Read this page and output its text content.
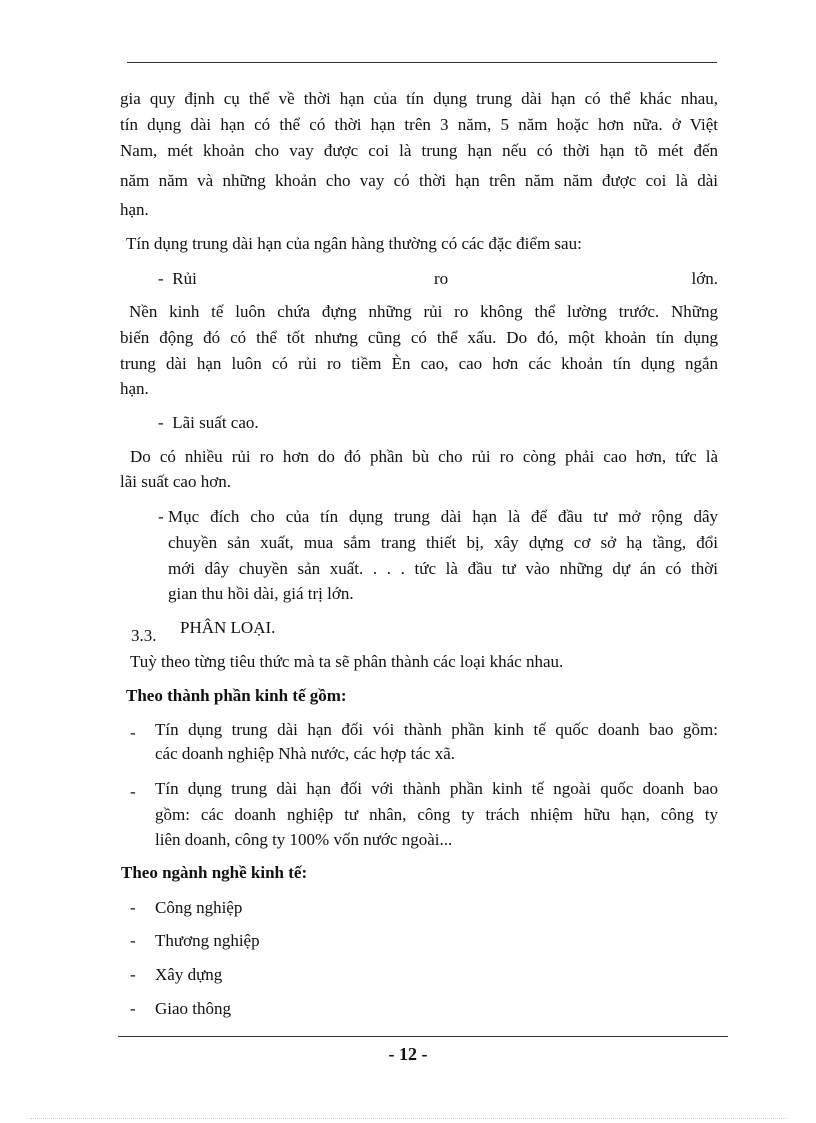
gia quy định cụ thể về thời hạn của tín dụng trung dài hạn có thể khác nhau,
tín dụng dài hạn có thể có thời hạn trên 3 năm, 5 năm hoặc hơn nữa. ở Việt
Nam, mét khoản cho vay được coi là trung hạn nếu có thời hạn tõ mét đến
năm năm và những khoản cho vay có thời hạn trên năm năm được coi là dài
hạn.
Tín dụng trung dài hạn của ngân hàng thường có các đặc điểm sau:
- Rủi	ro	lớn.
Nền kinh tế luôn chứa đựng những rủi ro không thể lường trước. Những
biến động đó có thể tốt nhưng cũng có thể xấu. Do đó, một khoản tín dụng
trung dài hạn luôn có rủi ro tiềm Èn cao, cao hơn các khoản tín dụng ngắn
hạn.
- Lãi suất cao.
Do có nhiều rủi ro hơn do đó phần bù cho rủi ro còng phải cao hơn, tức là
lãi suất cao hơn.
- Mục đích cho của tín dụng trung dài hạn là để đầu tư mở rộng dây
chuyền sản xuất, mua sắm trang thiết bị, xây dựng cơ sở hạ tầng, đổi
mới dây chuyền sản xuất. . . . tức là đầu tư vào những dự án có thời
gian thu hồi dài, giá trị lớn.
3.3. PHÂN LOẠI.
Tuỳ theo từng tiêu thức mà ta sẽ phân thành các loại khác nhau.
Theo thành phần kinh tế gồm:
- Tín dụng trung dài hạn đối vói thành phần kinh tế quốc doanh bao gồm:
các doanh nghiệp Nhà nước, các hợp tác xã.
- Tín dụng trung dài hạn đối với thành phần kinh tế ngoài quốc doanh bao
gồm: các doanh nghiệp tư nhân, công ty trách nhiệm hữu hạn, công ty
liên doanh, công ty 100% vốn nước ngoài...
Theo ngành nghề kinh tế:
- Công nghiệp
- Thương nghiệp
- Xây dựng
- Giao thông
- 12 -
